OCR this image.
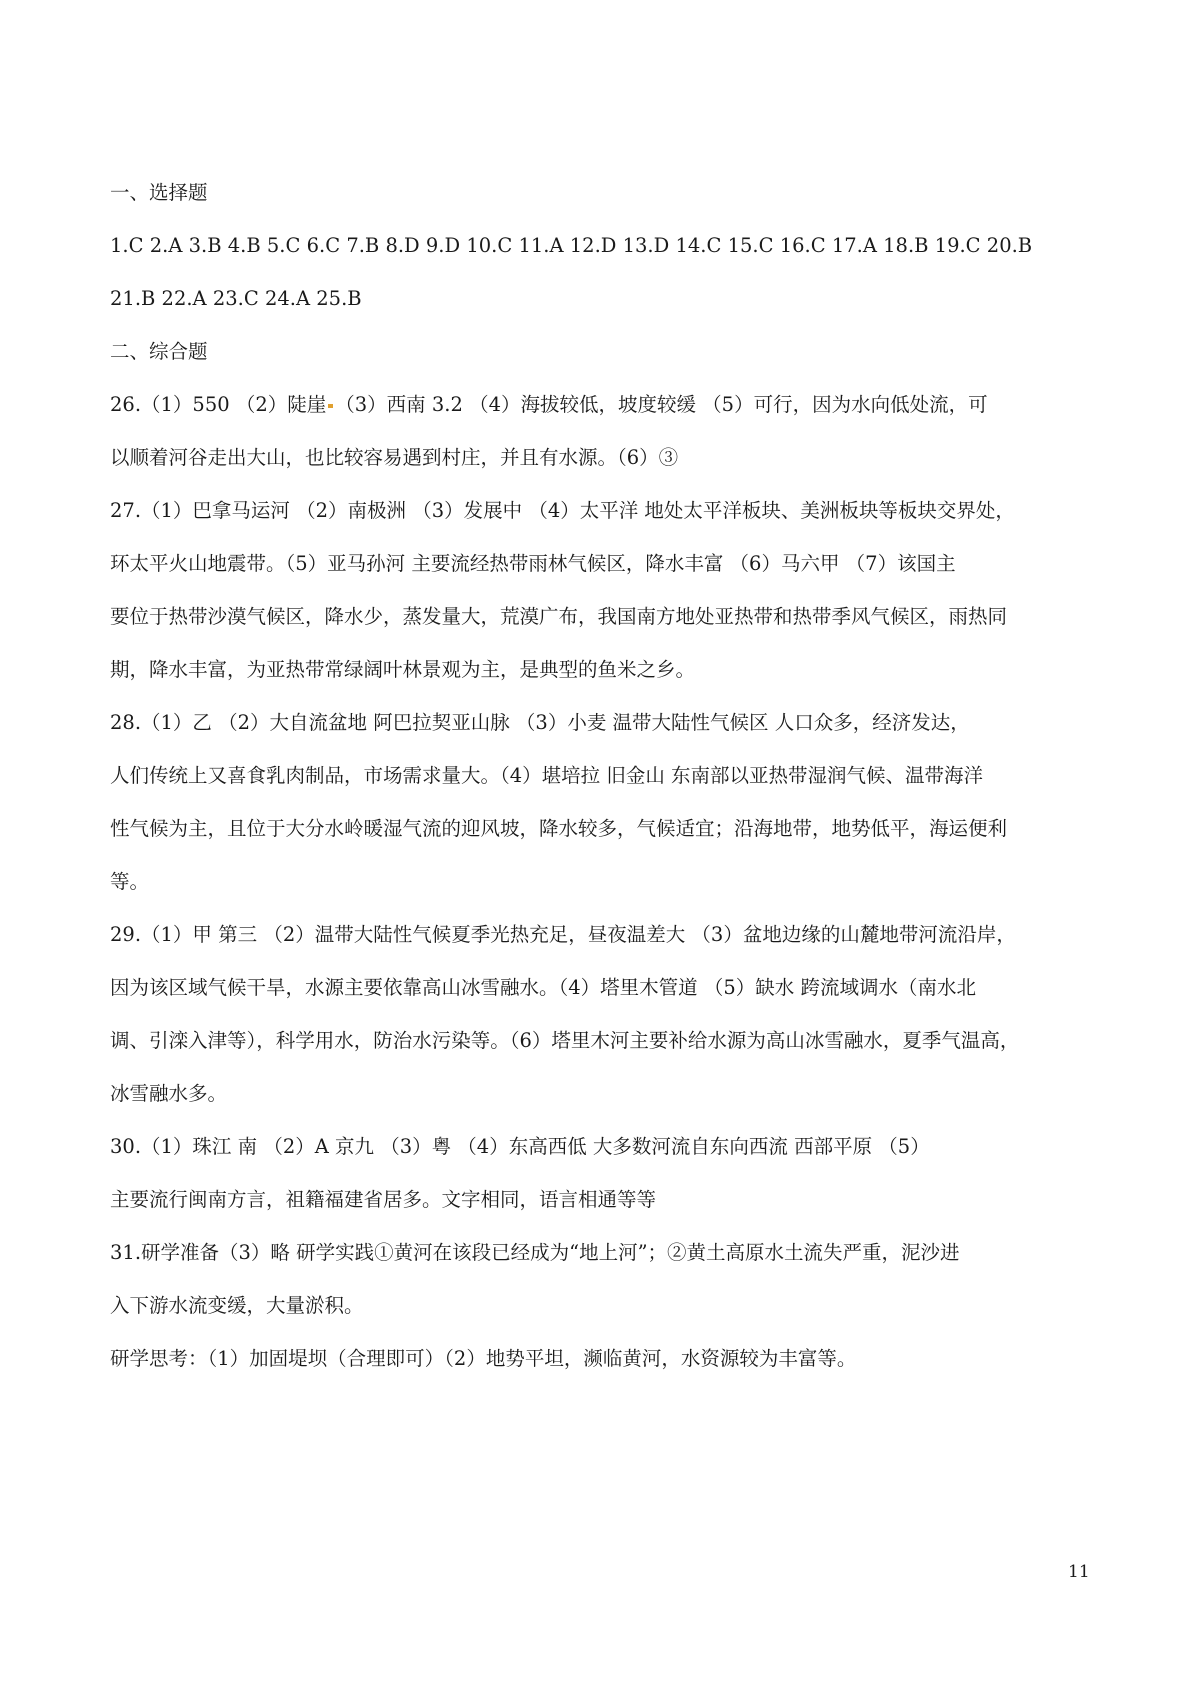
一、选择题
1.C 2.A 3.B 4.B 5.C 6.C 7.B 8.D 9.D 10.C 11.A 12.D 13.D 14.C 15.C 16.C 17.A 18.B 19.C 20.B
21.B 22.A 23.C 24.A 25.B
二、综合题
26.（1）550 （2）陡崖 （3）西南 3.2 （4）海拔较低，坡度较缓 （5）可行，因为水向低处流，可
以顺着河谷走出大山，也比较容易遇到村庄，并且有水源。（6）③
27.（1）巴拿马运河 （2）南极洲 （3）发展中 （4）太平洋 地处太平洋板块、美洲板块等板块交界处，
环太平火山地震带。（5）亚马孙河 主要流经热带雨林气候区，降水丰富 （6）马六甲 （7）该国主
要位于热带沙漠气候区，降水少，蒸发量大，荒漠广布，我国南方地处亚热带和热带季风气候区，雨热同
期，降水丰富，为亚热带常绿阔叶林景观为主，是典型的鱼米之乡。
28.（1）乙 （2）大自流盆地 阿巴拉契亚山脉 （3）小麦 温带大陆性气候区 人口众多，经济发达，
人们传统上又喜食乳肉制品，市场需求量大。（4）堪培拉 旧金山 东南部以亚热带湿润气候、温带海洋
性气候为主，且位于大分水岭暖湿气流的迎风坡，降水较多，气候适宜；沿海地带，地势低平，海运便利
等。
29.（1）甲 第三 （2）温带大陆性气候夏季光热充足，昼夜温差大 （3）盆地边缘的山麓地带河流沿岸，
因为该区域气候干旱，水源主要依靠高山冰雪融水。（4）塔里木管道 （5）缺水 跨流域调水（南水北
调、引滦入津等），科学用水，防治水污染等。（6）塔里木河主要补给水源为高山冰雪融水，夏季气温高，
冰雪融水多。
30.（1）珠江 南 （2）A 京九 （3）粤 （4）东高西低 大多数河流自东向西流 西部平原 （5）
主要流行闽南方言，祖籍福建省居多。文字相同，语言相通等等
31.研学准备（3）略 研学实践①黄河在该段已经成为“地上河”；②黄土高原水土流失严重，泥沙进
入下游水流变缓，大量淤积。
研学思考：（1）加固堤坝（合理即可）（2）地势平坦，濒临黄河，水资源较为丰富等。
11
